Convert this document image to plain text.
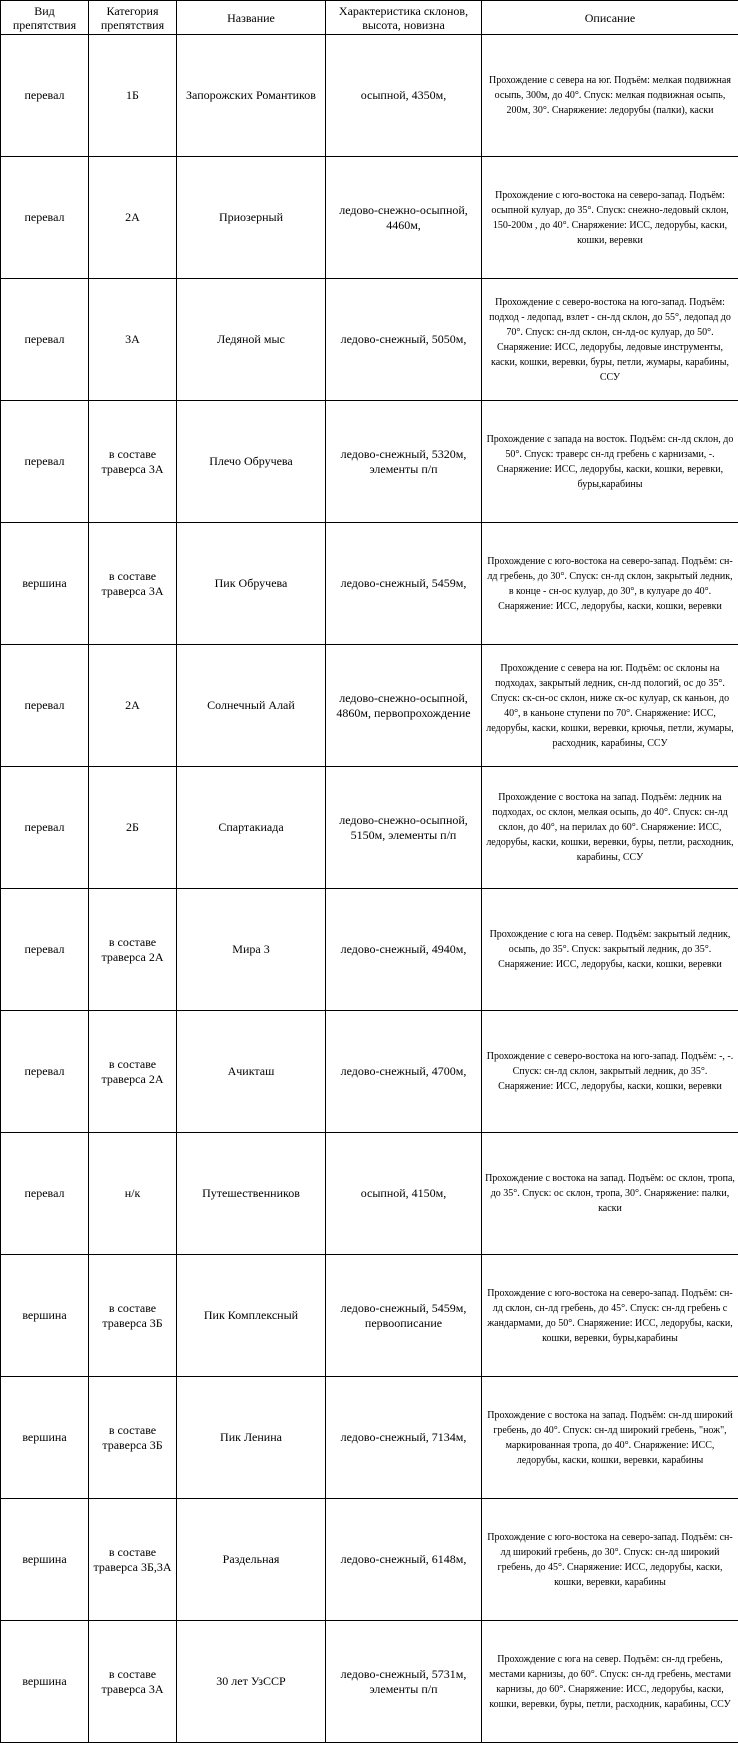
Вид препятствия	Категория препятствия	Название	Характеристика склонов, высота, новизна	Описание
перевал	1Б	Запорожских Романтиков	осыпной, 4350м,	Прохождение с севера на юг. Подъём: мелкая подвижная осыпь, 300м, до 40°. Спуск: мелкая подвижная осыпь, 200м, 30°. Снаряжение: ледорубы (палки), каски
перевал	2А	Приозерный	ледово-снежно-осыпной, 4460м,	Прохождение с юго-востока на северо-запад. Подъём: осыпной кулуар, до 35°. Спуск: снежно-ледовый склон, 150-200м , до 40°. Снаряжение: ИСС, ледорубы, каски, кошки, веревки
перевал	3А	Ледяной мыс	ледово-снежный, 5050м,	Прохождение с северо-востока на юго-запад. Подъём: подход - ледопад, взлет - сн-лд склон, до 55°, ледопад до 70°. Спуск: сн-лд склон, сн-лд-ос кулуар, до 50°. Снаряжение: ИСС, ледорубы, ледовые инструменты, каски, кошки, веревки, буры, петли, жумары, карабины, ССУ
перевал	в составе траверса 3А	Плечо Обручева	ледово-снежный, 5320м, элементы п/п	Прохождение с запада на восток. Подъём: сн-лд склон, до 50°. Спуск: траверс сн-лд гребень с карнизами, -. Снаряжение: ИСС, ледорубы, каски, кошки, веревки, буры,карабины
вершина	в составе траверса 3А	Пик Обручева	ледово-снежный, 5459м,	Прохождение с юго-востока на северо-запад. Подъём: сн-лд гребень, до 30°. Спуск: сн-лд склон, закрытый ледник, в конце - сн-ос кулуар, до 30°, в кулуаре до 40°. Снаряжение: ИСС, ледорубы, каски, кошки, веревки
перевал	2А	Солнечный Алай	ледово-снежно-осыпной, 4860м, первопрохождение	Прохождение с севера на юг. Подъём: ос склоны на подходах, закрытый ледник, сн-лд пологий, ос до 35°. Спуск: ск-сн-ос склон, ниже ск-ос кулуар, ск каньон, до 40°, в каньоне ступени по 70°. Снаряжение: ИСС, ледорубы, каски, кошки, веревки, крючья, петли, жумары, расходник, карабины, ССУ
перевал	2Б	Спартакиада	ледово-снежно-осыпной, 5150м, элементы п/п	Прохождение с востока на запад. Подъём: ледник на подходах, ос склон, мелкая осыпь, до 40°. Спуск: сн-лд склон, до 40°, на перилах до 60°. Снаряжение: ИСС, ледорубы, каски, кошки, веревки, буры, петли, расходник, карабины, ССУ
перевал	в составе траверса 2А	Мира 3	ледово-снежный, 4940м,	Прохождение с юга на север. Подъём: закрытый ледник, осыпь, до 35°. Спуск: закрытый ледник, до 35°. Снаряжение: ИСС, ледорубы, каски, кошки, веревки
перевал	в составе траверса 2А	Ачикташ	ледово-снежный, 4700м,	Прохождение с северо-востока на юго-запад. Подъём: -, -. Спуск: сн-лд склон, закрытый ледник, до 35°. Снаряжение: ИСС, ледорубы, каски, кошки, веревки
перевал	н/к	Путешественников	осыпной, 4150м,	Прохождение с востока на запад. Подъём: ос склон, тропа, до 35°. Спуск: ос склон, тропа, 30°. Снаряжение: палки, каски
вершина	в составе траверса 3Б	Пик Комплексный	ледово-снежный, 5459м, первоописание	Прохождение с юго-востока на северо-запад. Подъём: сн-лд склон, сн-лд гребень, до 45°. Спуск: сн-лд гребень с жандармами, до 50°. Снаряжение: ИСС, ледорубы, каски, кошки, веревки, буры,карабины
вершина	в составе траверса 3Б	Пик Ленина	ледово-снежный, 7134м,	Прохождение с востока на запад. Подъём: сн-лд широкий гребень, до 40°. Спуск: сн-лд широкий гребень, "нож", маркированная тропа, до 40°. Снаряжение: ИСС, ледорубы, каски, кошки, веревки, карабины
вершина	в составе траверса 3Б,3А	Раздельная	ледово-снежный, 6148м,	Прохождение с юго-востока на северо-запад. Подъём: сн-лд широкий гребень, до 30°. Спуск: сн-лд широкий гребень, до 45°. Снаряжение: ИСС, ледорубы, каски, кошки, веревки, карабины
вершина	в составе траверса 3А	30 лет УзССР	ледово-снежный, 5731м, элементы п/п	Прохождение с юга на север. Подъём: сн-лд гребень, местами карнизы, до 60°. Спуск: сн-лд гребень, местами карнизы, до 60°. Снаряжение: ИСС, ледорубы, каски, кошки, веревки, буры, петли, расходник, карабины, ССУ
